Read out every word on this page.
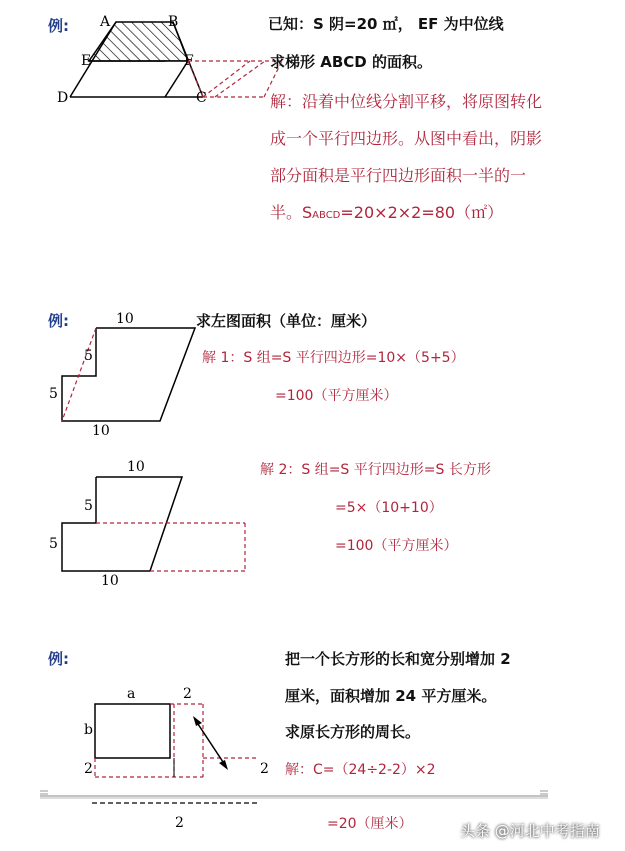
例: A	B
E	F
D	C
已知：S 阴=20 ㎡， EF 为中位线
求梯形 ABCD 的面积。
解：沿着中位线分割平移，将原图转化
成一个平行四边形。从图中看出，阴影
部分面积是平行四边形面积一半的一
半。SABCD=20×2×2=80（㎡）
例:	10
5
5
10
求左图面积（单位：厘米）
解 1：S 组=S 平行四边形=10×（5+5）
=100（平方厘米）
10
5
5
10
解 2：S 组=S 平行四边形=S 长方形
=5×（10+10）
=100（平方厘米）
例:	把一个长方形的长和宽分别增加 2
厘米，面积增加 24 平方厘米。
求原长方形的周长。
解：C=（24÷2-2）×2
=20（厘米）
a	2
b
2	2
2	头条 @河北中考指南
